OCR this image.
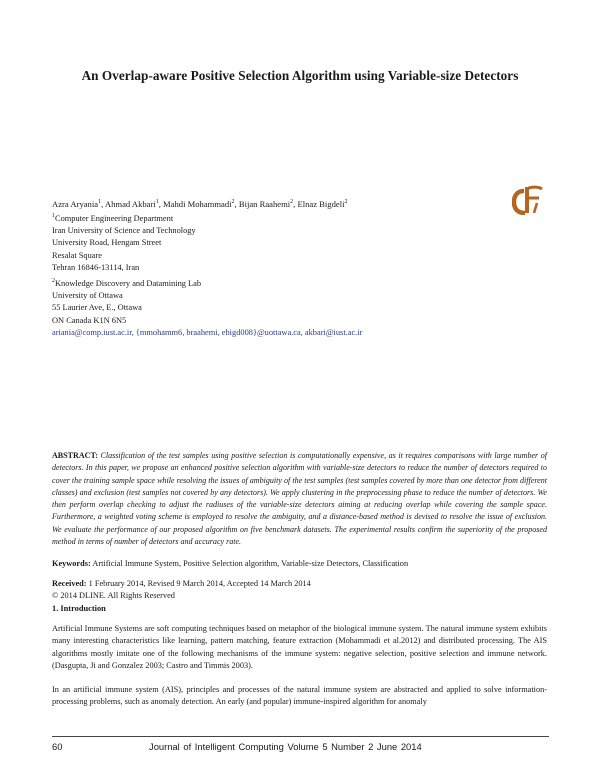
An Overlap-aware Positive Selection Algorithm using Variable-size Detectors
Azra Aryania$^1$, Ahmad Akbari$^1$, Mahdi Mohammadi$^2$, Bijan Raahemi$^2$, Elnaz Bigdeli$^2$
$^1$Computer Engineering Department
Iran University of Science and Technology
University Road, Hengam Street
Resalat Square
Tehran 16846-13114, Iran
$^2$Knowledge Discovery and Datamining Lab
University of Ottawa
55 Laurier Ave, E., Ottawa
ON Canada K1N 6N5
ariania@comp.iust.ac.ir, {mmohamm6, braahemi, ebigd008}@uottawa.ca, akbari@iust.ac.ir
ABSTRACT: Classification of the test samples using positive selection is computationally expensive, as it requires comparisons with large number of detectors. In this paper, we propose an enhanced positive selection algorithm with variable-size detectors to reduce the number of detectors required to cover the training sample space while resolving the issues of ambiguity of the test samples (test samples covered by more than one detector from different classes) and exclusion (test samples not covered by any detectors). We apply clustering in the preprocessing phase to reduce the number of detectors. We then perform overlap checking to adjust the radiuses of the variable-size detectors aiming at reducing overlap while covering the sample space. Furthermore, a weighted voting scheme is employed to resolve the ambiguity, and a distance-based method is devised to resolve the issue of exclusion. We evaluate the performance of our proposed algorithm on five benchmark datasets. The experimental results confirm the superiority of the proposed method in terms of number of detectors and accuracy rate.
Keywords: Artificial Immune System, Positive Selection algorithm, Variable-size Detectors, Classification
Received: 1 February 2014, Revised 9 March 2014, Accepted 14 March 2014
© 2014 DLINE. All Rights Reserved
1. Introduction
Artificial Immune Systems are soft computing techniques based on metaphor of the biological immune system. The natural immune system exhibits many interesting characteristics like learning, pattern matching, feature extraction (Mohammadi et al.2012) and distributed processing. The AIS algorithms mostly imitate one of the following mechanisms of the immune system: negative selection, positive selection and immune network. (Dasgupta, Ji and Gonzalez 2003; Castro and Timmis 2003).
In an artificial immune system (AIS), principles and processes of the natural immune system are abstracted and applied to solve information-processing problems, such as anomaly detection. An early (and popular) immune-inspired algorithm for anomaly
60	Journal of Intelligent Computing Volume 5 Number 2 June 2014
